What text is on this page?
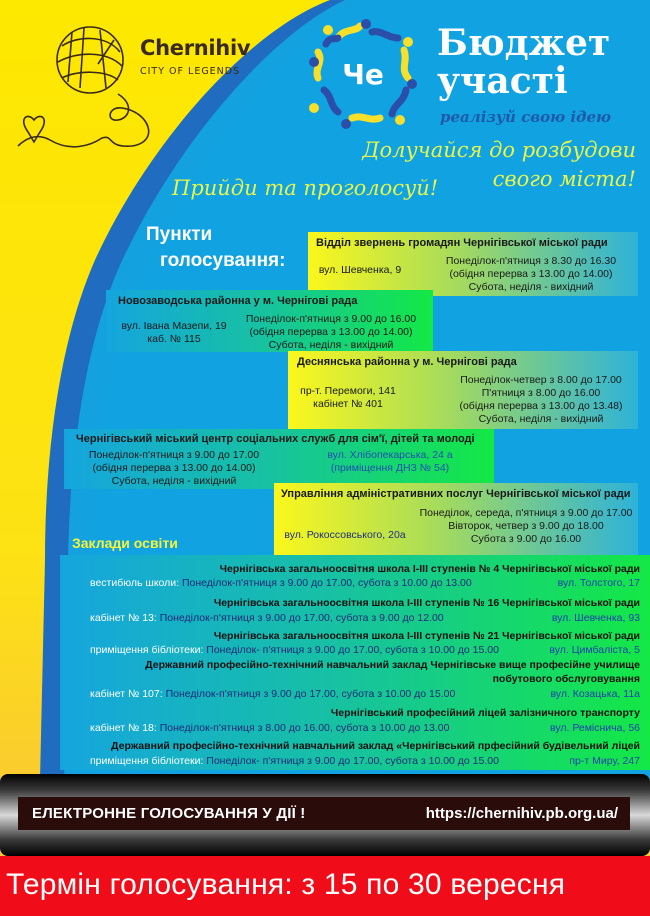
Chernihiv
CITY OF LEGENDS	Че
Бюджет
участі
реалізуй свою ідею
Долучайся до розбудови
свого міста!
Прийди та проголосуй!
Пункти
голосування:
Відділ звернень громадян Чернігівської міської ради
вул. Шевченка, 9
Понеділок-п'ятниця з 8.30 до 16.30
(обідня перерва з 13.00 до 14.00)
Субота, неділя - вихідний
Новозаводська районна у м. Чернігові рада
вул. Івана Мазепи, 19
каб. № 115
Понеділок-п'ятниця з 9.00 до 16.00
(обідня перерва з 13.00 до 14.00)
Субота, неділя - вихідний
Деснянська районна у м. Чернігові рада
пр-т. Перемоги, 141
кабінет № 401
Понеділок-четвер з 8.00 до 17.00
П'ятниця з 8.00 до 16.00
(обідня перерва з 13.00 до 13.48)
Субота, неділя - вихідний
Чернігівський міський центр соціальних служб для сім'ї, дітей та молоді
Понеділок-п'ятниця з 9.00 до 17.00
(обідня перерва з 13.00 до 14.00)
Субота, неділя - вихідний
вул. Хлібопекарська, 24 а
(приміщення ДНЗ № 54)
Управління адміністративних послуг Чернігівської міської ради
вул. Рокоссовського, 20а
Понеділок, середа, п'ятниця з 9.00 до 17.00
Вівторок, четвер з 9.00 до 18.00
Субота з 9.00 до 16.00
Заклади освіти
Чернігівська загальноосвітня школа І-ІІІ ступенів № 4 Чернігівської міської ради
вестибюль школи: Понеділок-п'ятниця з 9.00 до 17.00, субота з 10.00 до 13.00	вул. Толстого, 17
Чернігівська загальноосвітня школа І-ІІІ ступенів № 16 Чернігівської міської ради
кабінет № 13: Понеділок-п'ятниця з 9.00 до 17.00, субота з 9.00 до 12.00	вул. Шевченка, 93
Чернігівська загальноосвітня школа І-ІІІ ступенів № 21 Чернігівської міської ради
приміщення бібліотеки: Понеділок- п'ятниця з 9.00 до 17.00, субота з 10.00 до 15.00	вул. Цимбаліста, 5
Державний професійно-технічний навчальний заклад Чернігівське вище професійне училище
побутового обслуговування
кабінет № 107: Понеділок-п'ятниця з 9.00 до 17.00, субота з 10.00 до 15.00	вул. Козацька, 11а
Чернігівський професійний ліцей залізничного транспорту
кабінет № 18: Понеділок-п'ятниця з 8.00 до 16.00, субота з 10.00 до 13.00	вул. Реміснича, 56
Державний професійно-технічний навчальний заклад «Чернігівський прфесійний будівельний ліцей
приміщення бібліотеки: Понеділок- п'ятниця з 9.00 до 17.00, субота з 10.00 до 15.00	пр-т Миру, 247
ЕЛЕКТРОННЕ ГОЛОСУВАННЯ У ДІЇ !	https://chernihiv.pb.org.ua/
Термін голосування: з 15 по 30 вересня
